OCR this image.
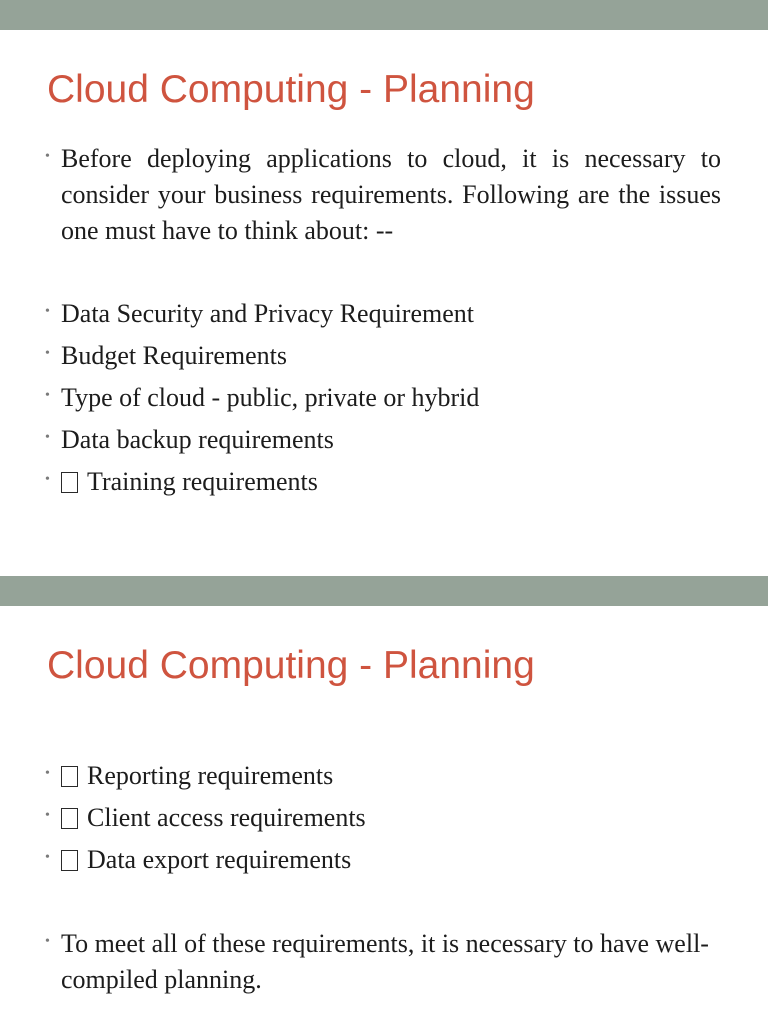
Cloud Computing - Planning
• Before deploying applications to cloud, it is necessary to consider your business requirements. Following are the issues one must have to think about: --
• Data Security and Privacy Requirement
• Budget Requirements
• Type of cloud - public, private or hybrid
• Data backup requirements
•	Training requirements
Cloud Computing - Planning
•	Reporting requirements
•	Client access requirements
•	Data export requirements
• To meet all of these requirements, it is necessary to have well-compiled planning.
